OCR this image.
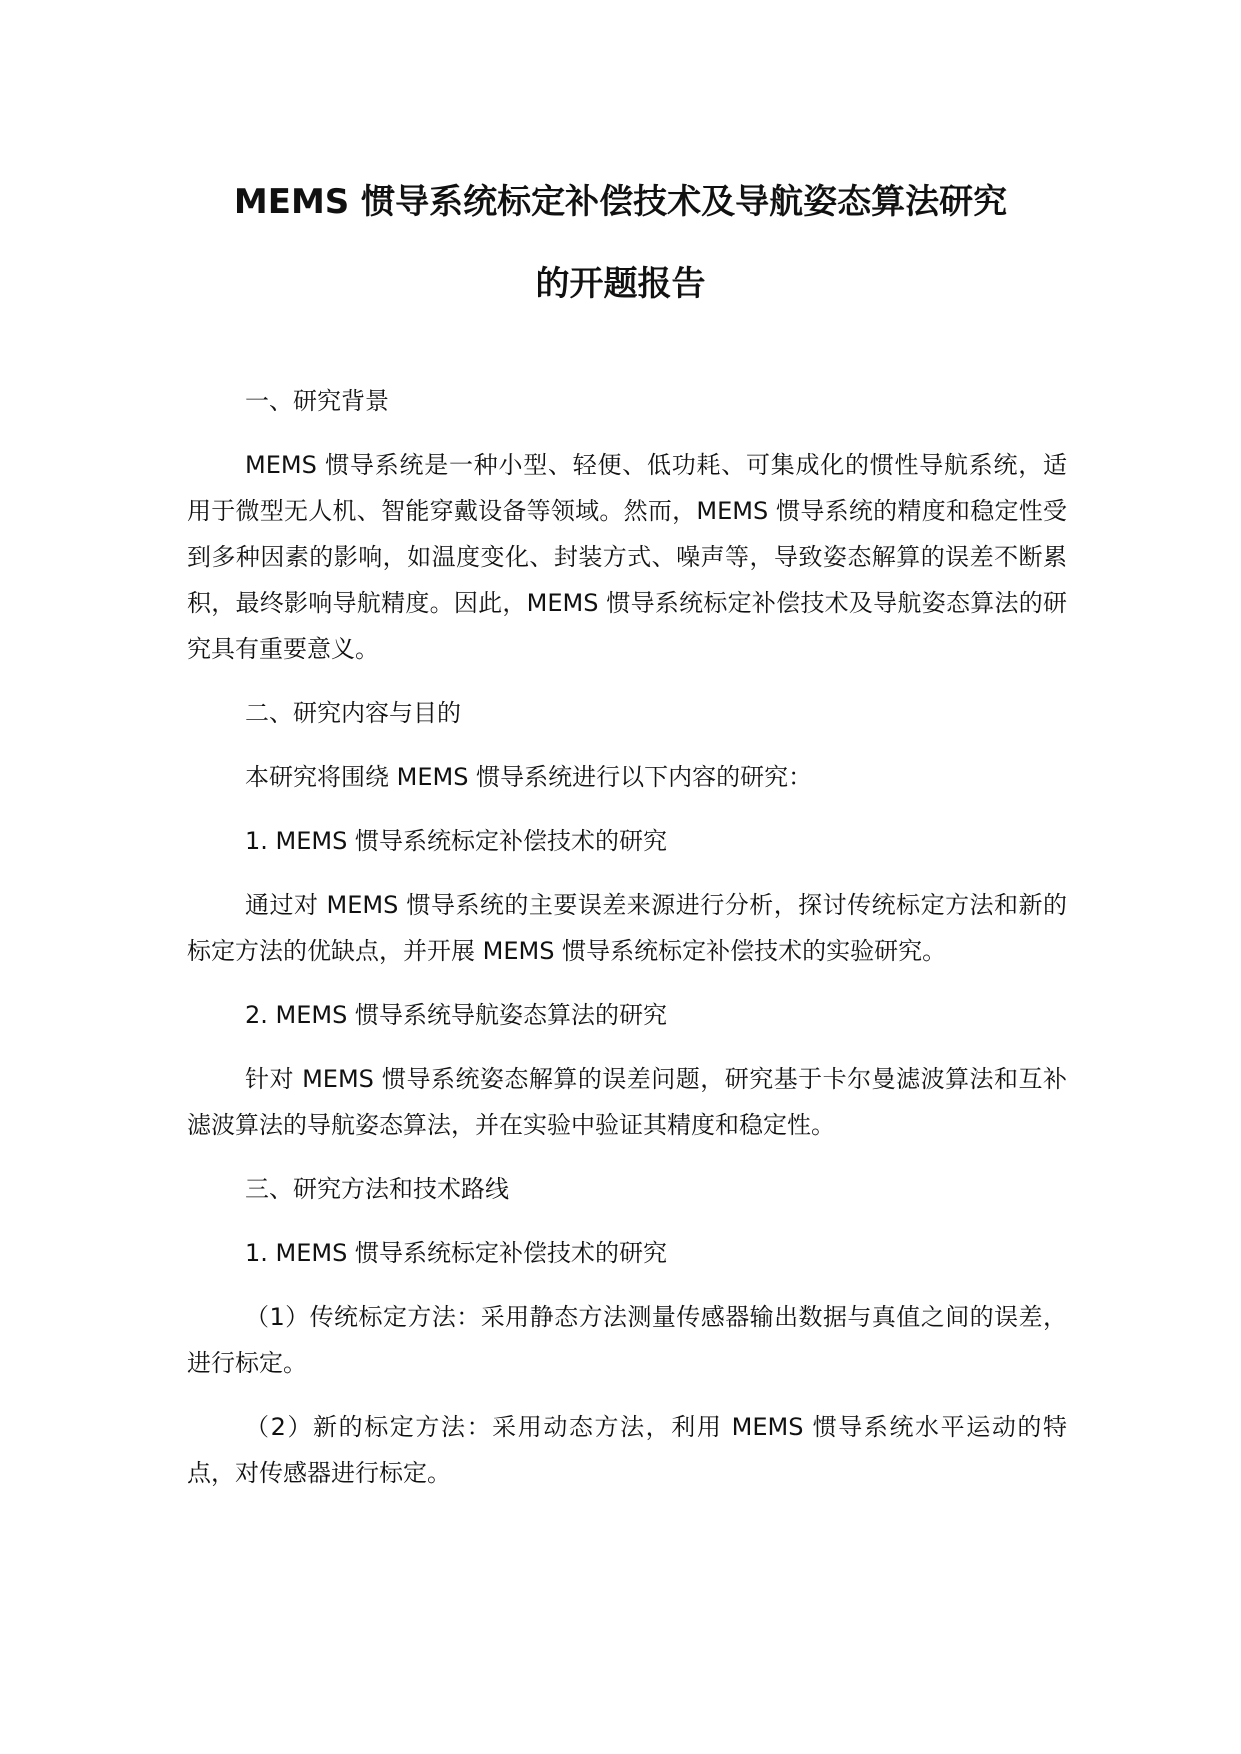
MEMS 惯导系统标定补偿技术及导航姿态算法研究
的开题报告

一、研究背景

MEMS 惯导系统是一种小型、轻便、低功耗、可集成化的惯性导航系统，适用于微型无人机、智能穿戴设备等领域。然而，MEMS 惯导系统的精度和稳定性受到多种因素的影响，如温度变化、封装方式、噪声等，导致姿态解算的误差不断累积，最终影响导航精度。因此，MEMS 惯导系统标定补偿技术及导航姿态算法的研究具有重要意义。

二、研究内容与目的

本研究将围绕 MEMS 惯导系统进行以下内容的研究：

1. MEMS 惯导系统标定补偿技术的研究

通过对 MEMS 惯导系统的主要误差来源进行分析，探讨传统标定方法和新的标定方法的优缺点，并开展 MEMS 惯导系统标定补偿技术的实验研究。

2. MEMS 惯导系统导航姿态算法的研究

针对 MEMS 惯导系统姿态解算的误差问题，研究基于卡尔曼滤波算法和互补滤波算法的导航姿态算法，并在实验中验证其精度和稳定性。

三、研究方法和技术路线

1. MEMS 惯导系统标定补偿技术的研究

（1）传统标定方法：采用静态方法测量传感器输出数据与真值之间的误差，进行标定。

（2）新的标定方法：采用动态方法，利用 MEMS 惯导系统水平运动的特点，对传感器进行标定。
